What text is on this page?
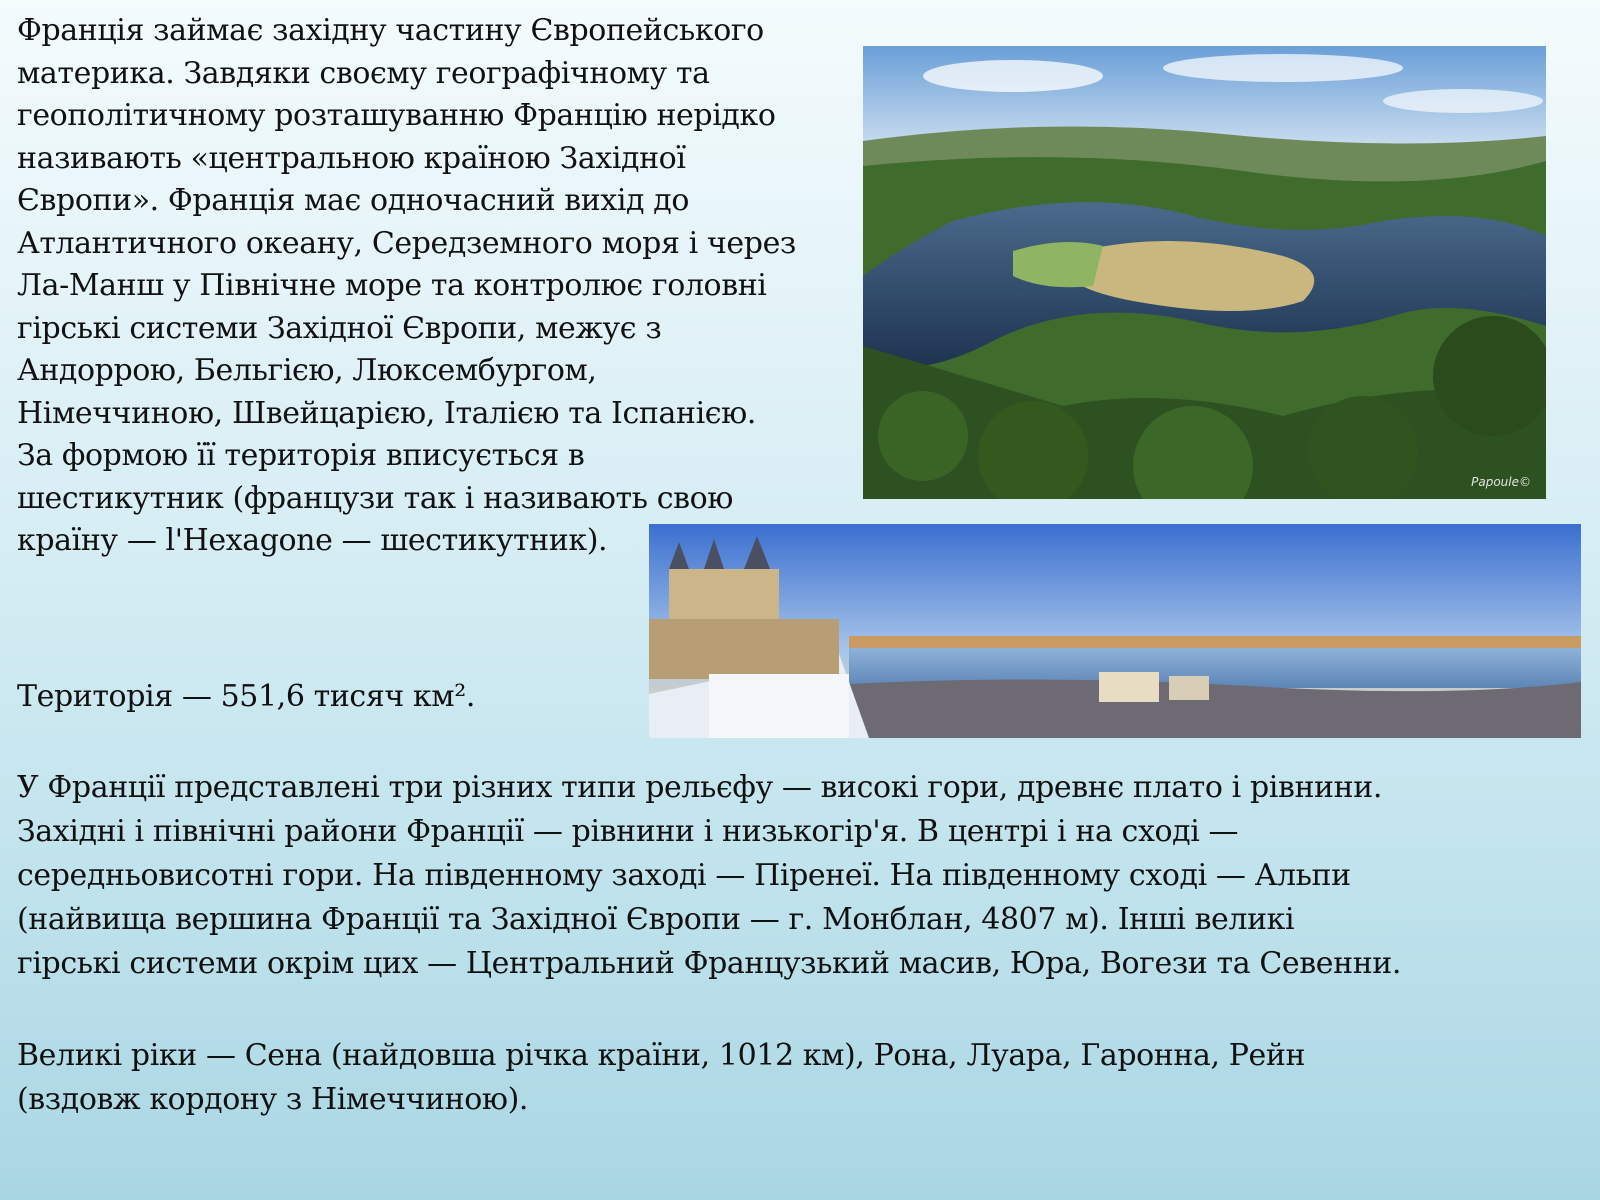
Франція займає західну частину Європейського
материка. Завдяки своєму географічному та
геополітичному розташуванню Францію нерідко
називають «центральною країною Західної
Європи». Франція має одночасний вихід до
Атлантичного океану, Середземного моря і через
Ла-Манш у Північне море та контролює головні
гірські системи Західної Європи, межує з
Андоррою, Бельгією, Люксембургом,
Німеччиною, Швейцарією, Італією та Іспанією.
За формою її територія вписується в
шестикутник (французи так і називають свою
країну — l'Hexagone — шестикутник).

Papoule©

Територія — 551,6 тисяч км².

У Франції представлені три різних типи рельєфу — високі гори, древнє плато і рівнини.
Західні і північні райони Франції — рівнини і низькогір'я. В центрі і на сході —
середньовисотні гори. На південному заході — Піренеї. На південному сході — Альпи
(найвища вершина Франції та Західної Європи — г. Монблан, 4807 м). Інші великі
гірські системи окрім цих — Центральний Французький масив, Юра, Вогези та Севенни.

Великі ріки — Сена (найдовша річка країни, 1012 км), Рона, Луара, Гаронна, Рейн
(вздовж кордону з Німеччиною).
